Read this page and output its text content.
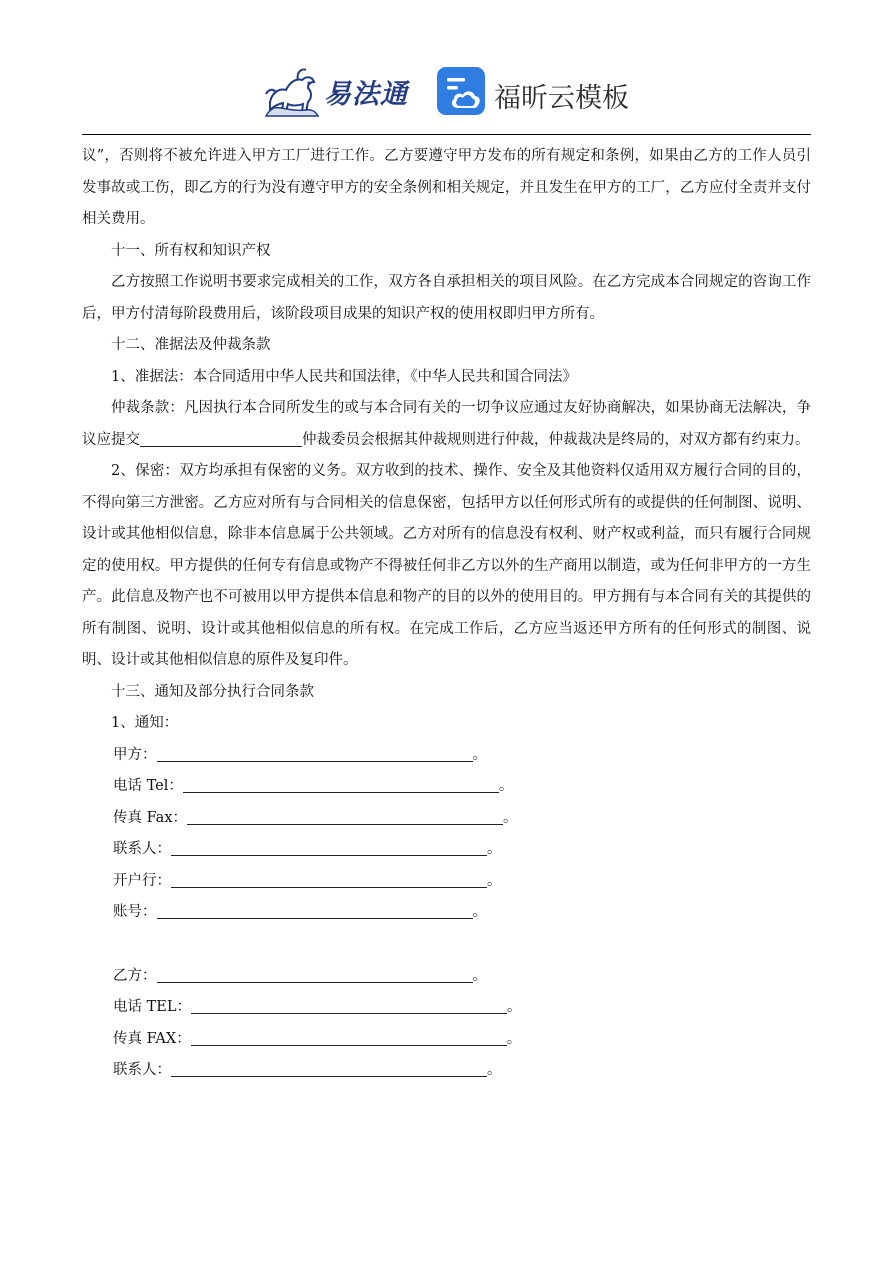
易法通	福昕云模板

议”，否则将不被允许进入甲方工厂进行工作。乙方要遵守甲方发布的所有规定和条例，如果由乙方的工作人员引发事故或工伤，即乙方的行为没有遵守甲方的安全条例和相关规定，并且发生在甲方的工厂，乙方应付全责并支付相关费用。

十一、所有权和知识产权

乙方按照工作说明书要求完成相关的工作，双方各自承担相关的项目风险。在乙方完成本合同规定的咨询工作后，甲方付清每阶段费用后，该阶段项目成果的知识产权的使用权即归甲方所有。

十二、准据法及仲裁条款

1、准据法：本合同适用中华人民共和国法律，《中华人民共和国合同法》

仲裁条款：凡因执行本合同所发生的或与本合同有关的一切争议应通过友好协商解决，如果协商无法解决，争议应提交	仲裁委员会根据其仲裁规则进行仲裁，仲裁裁决是终局的，对双方都有约束力。

2、保密：双方均承担有保密的义务。双方收到的技术、操作、安全及其他资料仅适用双方履行合同的目的，不得向第三方泄密。乙方应对所有与合同相关的信息保密，包括甲方以任何形式所有的或提供的任何制图、说明、设计或其他相似信息，除非本信息属于公共领域。乙方对所有的信息没有权利、财产权或利益，而只有履行合同规定的使用权。甲方提供的任何专有信息或物产不得被任何非乙方以外的生产商用以制造，或为任何非甲方的一方生产。此信息及物产也不可被用以甲方提供本信息和物产的目的以外的使用目的。甲方拥有与本合同有关的其提供的所有制图、说明、设计或其他相似信息的所有权。在完成工作后，乙方应当返还甲方所有的任何形式的制图、说明、设计或其他相似信息的原件及复印件。

十三、通知及部分执行合同条款

1、通知：

甲方：	。
电话 Tel：	。
传真 Fax：	。
联系人：	。
开户行：	。
账号：	。
乙方：	。
电话 TEL：	。
传真 FAX：	。
联系人：	。
